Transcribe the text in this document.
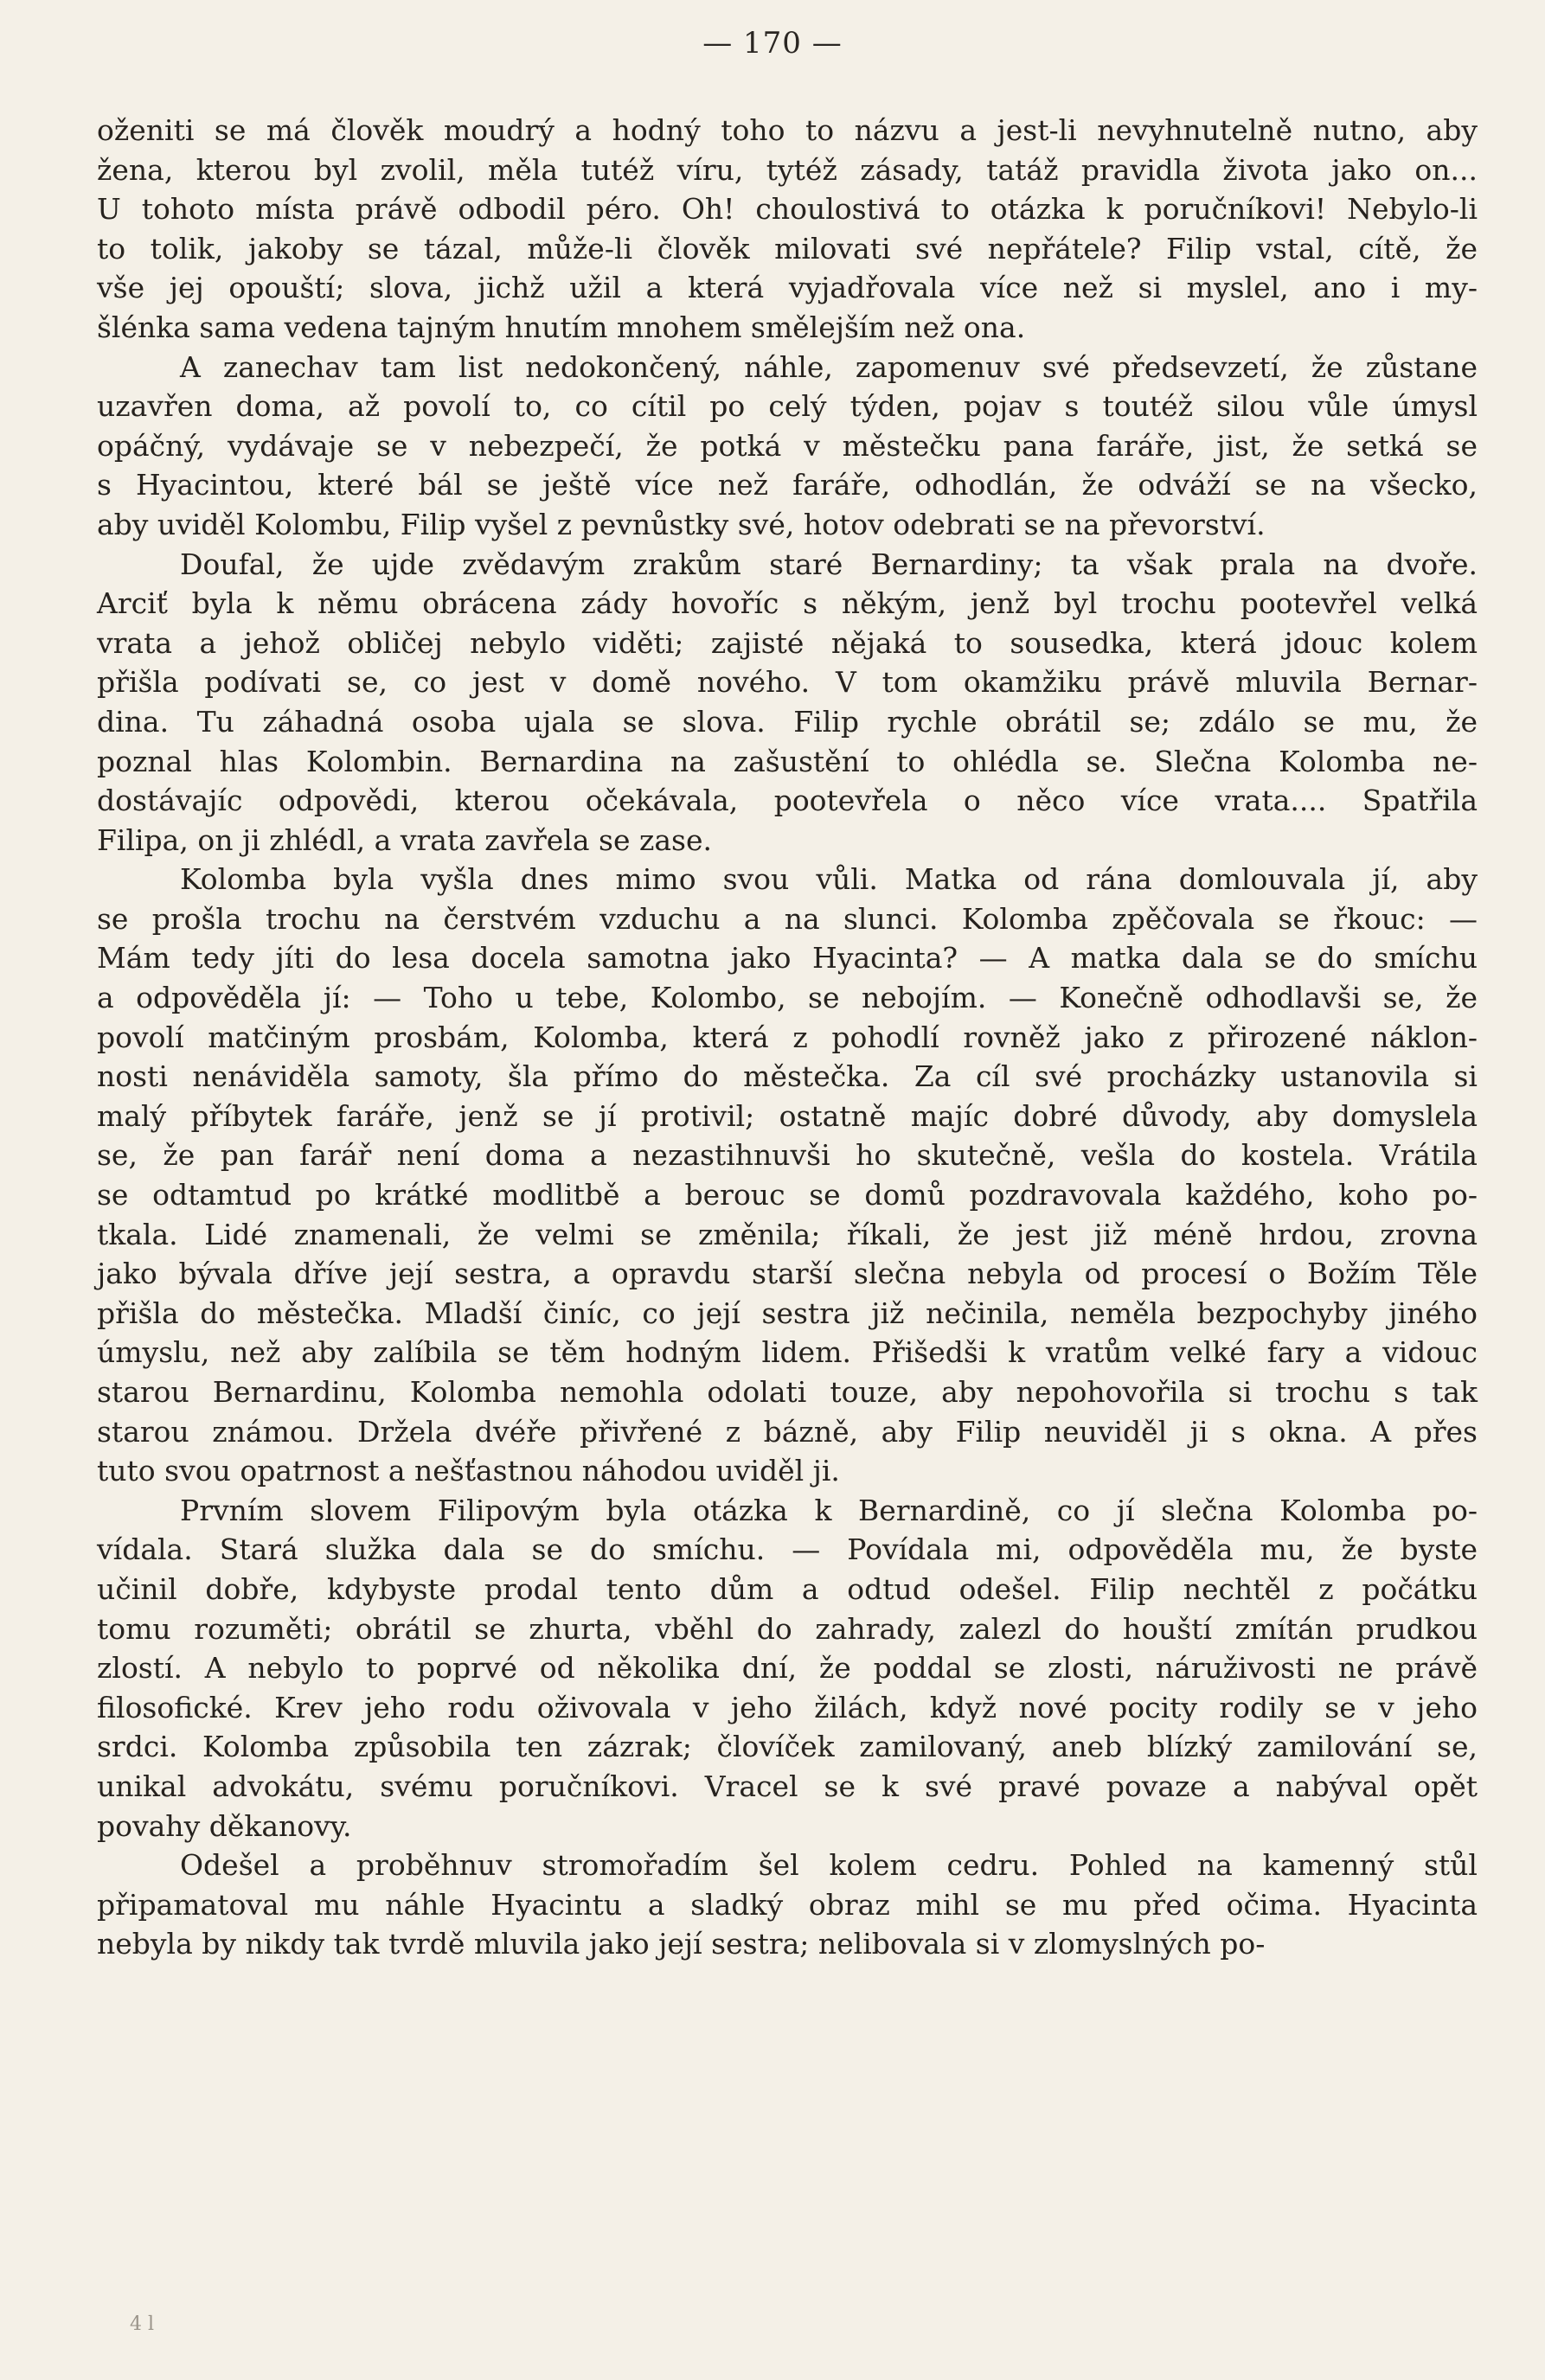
— 170 —
oženiti se má člověk moudrý a hodný toho to názvu a jest-li nevyhnutelně nutno, aby
žena, kterou byl zvolil, měla tutéž víru, tytéž zásady, tatáž pravidla života jako on...
U tohoto místa právě odbodil péro. Oh! choulostivá to otázka k poručníkovi! Nebylo-li
to tolik, jakoby se tázal, může-li člověk milovati své nepřátele? Filip vstal, cítě, že
vše jej opouští; slova, jichž užil a která vyjadřovala více než si myslel, ano i my-
šlénka sama vedena tajným hnutím mnohem smělejším než ona.
A zanechav tam list nedokončený, náhle, zapomenuv své předsevzetí, že zůstane
uzavřen doma, až povolí to, co cítil po celý týden, pojav s toutéž silou vůle úmysl
opáčný, vydávaje se v nebezpečí, že potká v městečku pana faráře, jist, že setká se
s Hyacintou, které bál se ještě více než faráře, odhodlán, že odváží se na všecko,
aby uviděl Kolombu, Filip vyšel z pevnůstky své, hotov odebrati se na převorství.
Doufal, že ujde zvědavým zrakům staré Bernardiny; ta však prala na dvoře.
Arciť byla k němu obrácena zády hovoříc s někým, jenž byl trochu pootevřel velká
vrata a jehož obličej nebylo viděti; zajisté nějaká to sousedka, která jdouc kolem
přišla podívati se, co jest v domě nového. V tom okamžiku právě mluvila Bernar-
dina. Tu záhadná osoba ujala se slova. Filip rychle obrátil se; zdálo se mu, že
poznal hlas Kolombin. Bernardina na zašustění to ohlédla se. Slečna Kolomba ne-
dostávajíc odpovědi, kterou očekávala, pootevřela o něco více vrata.... Spatřila
Filipa, on ji zhlédl, a vrata zavřela se zase.
Kolomba byla vyšla dnes mimo svou vůli. Matka od rána domlouvala jí, aby
se prošla trochu na čerstvém vzduchu a na slunci. Kolomba zpěčovala se řkouc: —
Mám tedy jíti do lesa docela samotna jako Hyacinta? — A matka dala se do smíchu
a odpověděla jí: — Toho u tebe, Kolombo, se nebojím. — Konečně odhodlavši se, že
povolí matčiným prosbám, Kolomba, která z pohodlí rovněž jako z přirozené náklon-
nosti nenáviděla samoty, šla přímo do městečka. Za cíl své procházky ustanovila si
malý příbytek faráře, jenž se jí protivil; ostatně majíc dobré důvody, aby domyslela
se, že pan farář není doma a nezastihnuvši ho skutečně, vešla do kostela. Vrátila
se odtamtud po krátké modlitbě a berouc se domů pozdravovala každého, koho po-
tkala. Lidé znamenali, že velmi se změnila; říkali, že jest již méně hrdou, zrovna
jako bývala dříve její sestra, a opravdu starší slečna nebyla od procesí o Božím Těle
přišla do městečka. Mladší činíc, co její sestra již nečinila, neměla bezpochyby jiného
úmyslu, než aby zalíbila se těm hodným lidem. Přišedši k vratům velké fary a vidouc
starou Bernardinu, Kolomba nemohla odolati touze, aby nepohovořila si trochu s tak
starou známou. Držela dvéře přivřené z bázně, aby Filip neuviděl ji s okna. A přes
tuto svou opatrnost a nešťastnou náhodou uviděl ji.
Prvním slovem Filipovým byla otázka k Bernardině, co jí slečna Kolomba po-
vídala. Stará služka dala se do smíchu. — Povídala mi, odpověděla mu, že byste
učinil dobře, kdybyste prodal tento dům a odtud odešel. Filip nechtěl z počátku
tomu rozuměti; obrátil se zhurta, vběhl do zahrady, zalezl do houští zmítán prudkou
zlostí. A nebylo to poprvé od několika dní, že poddal se zlosti, náruživosti ne právě
filosofické. Krev jeho rodu oživovala v jeho žilách, když nové pocity rodily se v jeho
srdci. Kolomba způsobila ten zázrak; človíček zamilovaný, aneb blízký zamilování se,
unikal advokátu, svému poručníkovi. Vracel se k své pravé povaze a nabýval opět
povahy děkanovy.
Odešel a proběhnuv stromořadím šel kolem cedru. Pohled na kamenný stůl
připamatoval mu náhle Hyacintu a sladký obraz mihl se mu před očima. Hyacinta
nebyla by nikdy tak tvrdě mluvila jako její sestra; nelibovala si v zlomyslných po-
4 l
